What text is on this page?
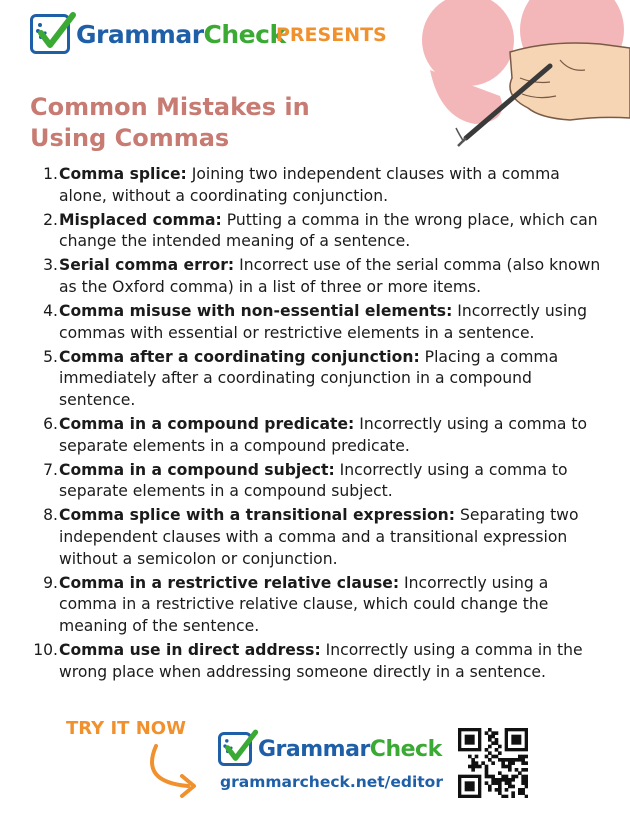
GrammarCheck
PRESENTS
Common Mistakes in Using Commas
1. Comma splice: Joining two independent clauses with a comma alone, without a coordinating conjunction.
2. Misplaced comma: Putting a comma in the wrong place, which can change the intended meaning of a sentence.
3. Serial comma error: Incorrect use of the serial comma (also known as the Oxford comma) in a list of three or more items.
4. Comma misuse with non-essential elements: Incorrectly using commas with essential or restrictive elements in a sentence.
5. Comma after a coordinating conjunction: Placing a comma immediately after a coordinating conjunction in a compound sentence.
6. Comma in a compound predicate: Incorrectly using a comma to separate elements in a compound predicate.
7. Comma in a compound subject: Incorrectly using a comma to separate elements in a compound subject.
8. Comma splice with a transitional expression: Separating two independent clauses with a comma and a transitional expression without a semicolon or conjunction.
9. Comma in a restrictive relative clause: Incorrectly using a comma in a restrictive relative clause, which could change the meaning of the sentence.
10. Comma use in direct address: Incorrectly using a comma in the wrong place when addressing someone directly in a sentence.
TRY IT NOW
GrammarCheck
grammarcheck.net/editor
